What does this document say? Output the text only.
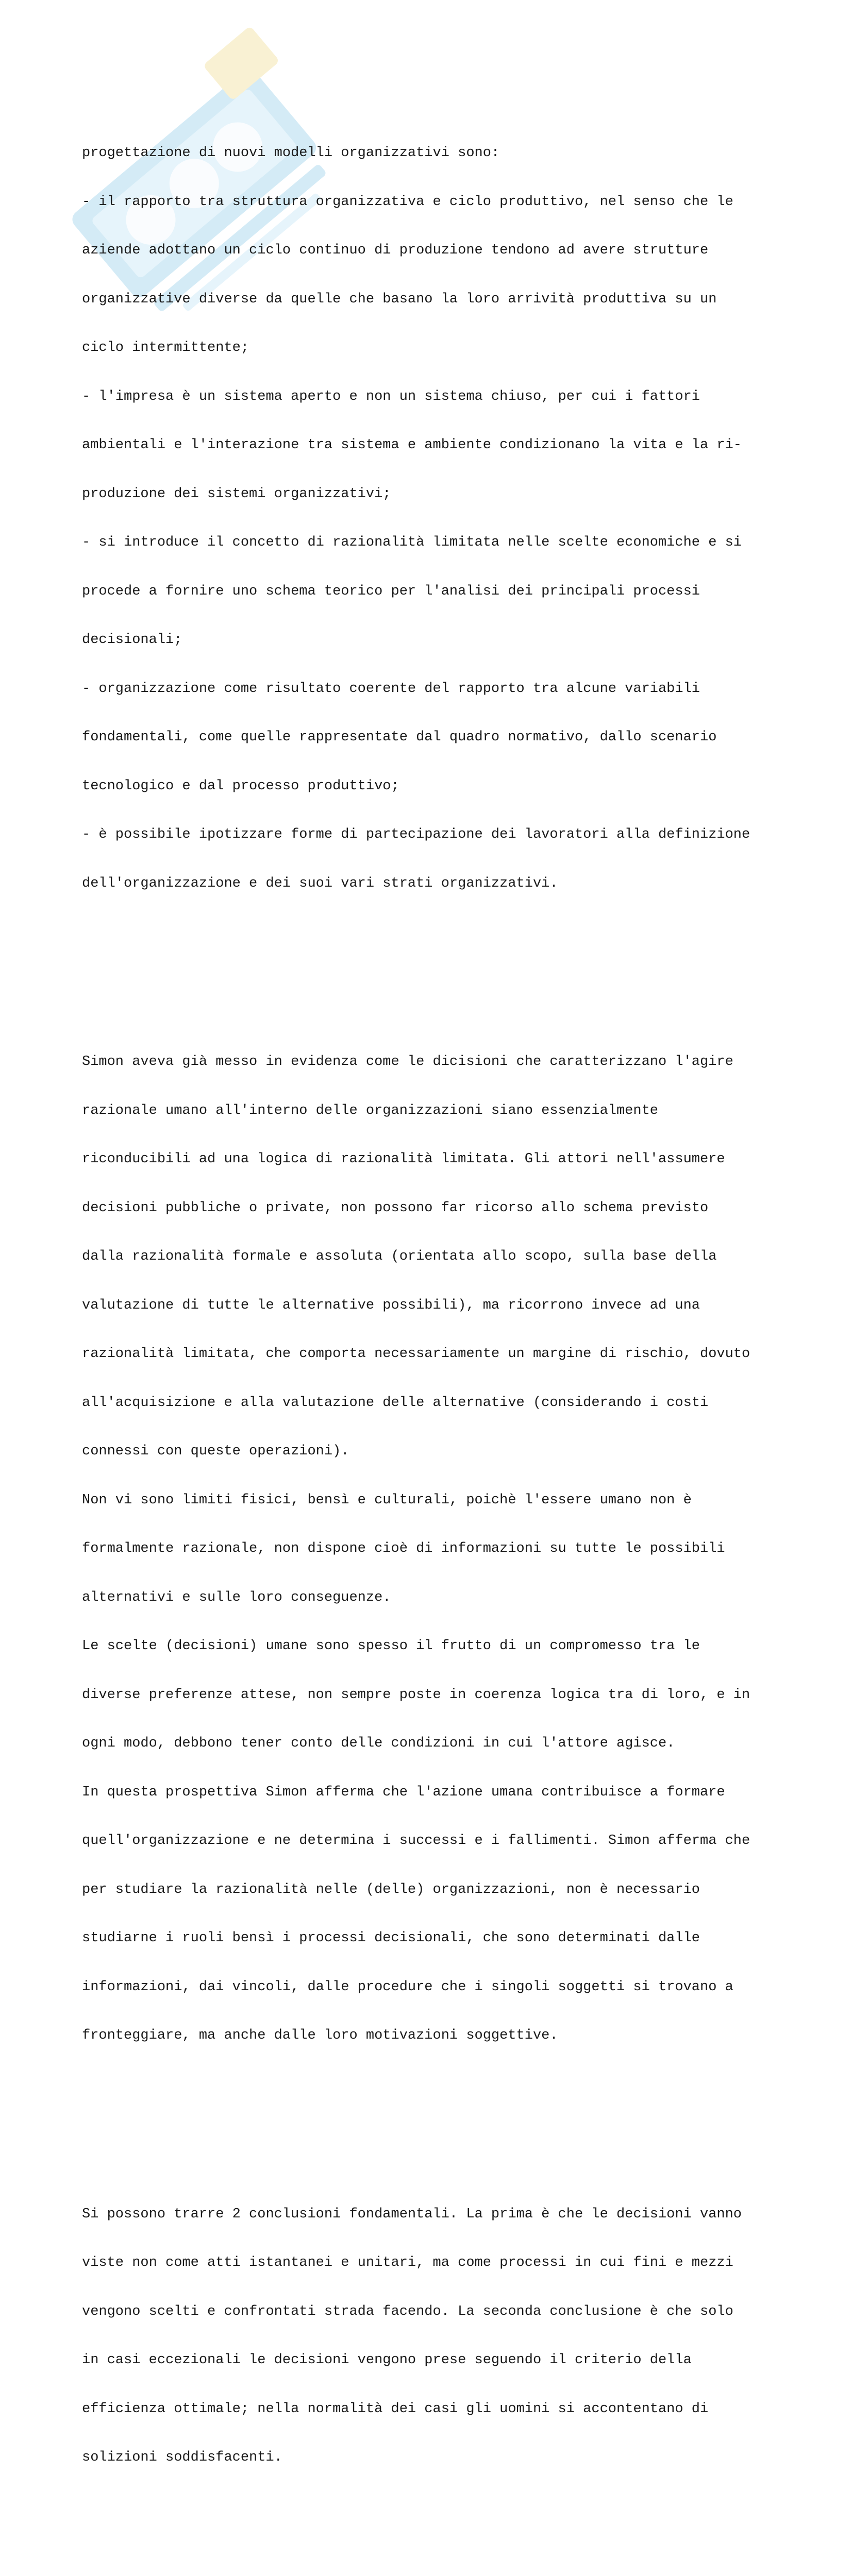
progettazione di nuovi modelli organizzativi sono:

- il rapporto tra struttura organizzativa e ciclo produttivo, nel senso che le

aziende adottano un ciclo continuo di produzione tendono ad avere strutture

organizzative diverse da quelle che basano la loro arrività produttiva su un

ciclo intermittente;

- l'impresa è un sistema aperto e non un sistema chiuso, per cui i fattori

ambientali e l'interazione tra sistema e ambiente condizionano la vita e la ri-

produzione dei sistemi organizzativi;

- si introduce il concetto di razionalità limitata nelle scelte economiche e si

procede a fornire uno schema teorico per l'analisi dei principali processi

decisionali;

- organizzazione come risultato coerente del rapporto tra alcune variabili

fondamentali, come quelle rappresentate dal quadro normativo, dallo scenario

tecnologico e dal processo produttivo;

- è possibile ipotizzare forme di partecipazione dei lavoratori alla definizione

dell'organizzazione e dei suoi vari strati organizzativi.

Simon aveva già messo in evidenza come le dicisioni che caratterizzano l'agire

razionale umano all'interno delle organizzazioni siano essenzialmente

riconducibili ad una logica di razionalità limitata. Gli attori nell'assumere

decisioni pubbliche o private, non possono far ricorso allo schema previsto

dalla razionalità formale e assoluta (orientata allo scopo, sulla base della

valutazione di tutte le alternative possibili), ma ricorrono invece ad una

razionalità limitata, che comporta necessariamente un margine di rischio, dovuto

all'acquisizione e alla valutazione delle alternative (considerando i costi

connessi con queste operazioni).

Non vi sono limiti fisici, bensì e culturali, poichè l'essere umano non è

formalmente razionale, non dispone cioè di informazioni su tutte le possibili

alternativi e sulle loro conseguenze.

Le scelte (decisioni) umane sono spesso il frutto di un compromesso tra le

diverse preferenze attese, non sempre poste in coerenza logica tra di loro, e in

ogni modo, debbono tener conto delle condizioni in cui l'attore agisce.

In questa prospettiva Simon afferma che l'azione umana contribuisce a formare

quell'organizzazione e ne determina i successi e i fallimenti. Simon afferma che

per studiare la razionalità nelle (delle) organizzazioni, non è necessario

studiarne i ruoli bensì i processi decisionali, che sono determinati dalle

informazioni, dai vincoli, dalle procedure che i singoli soggetti si trovano a

fronteggiare, ma anche dalle loro motivazioni soggettive.

Si possono trarre 2 conclusioni fondamentali. La prima è che le decisioni vanno

viste non come atti istantanei e unitari, ma come processi in cui fini e mezzi

vengono scelti e confrontati strada facendo. La seconda conclusione è che solo

in casi eccezionali le decisioni vengono prese seguendo il criterio della

efficienza ottimale; nella normalità dei casi gli uomini si accontentano di

solizioni soddisfacenti.
